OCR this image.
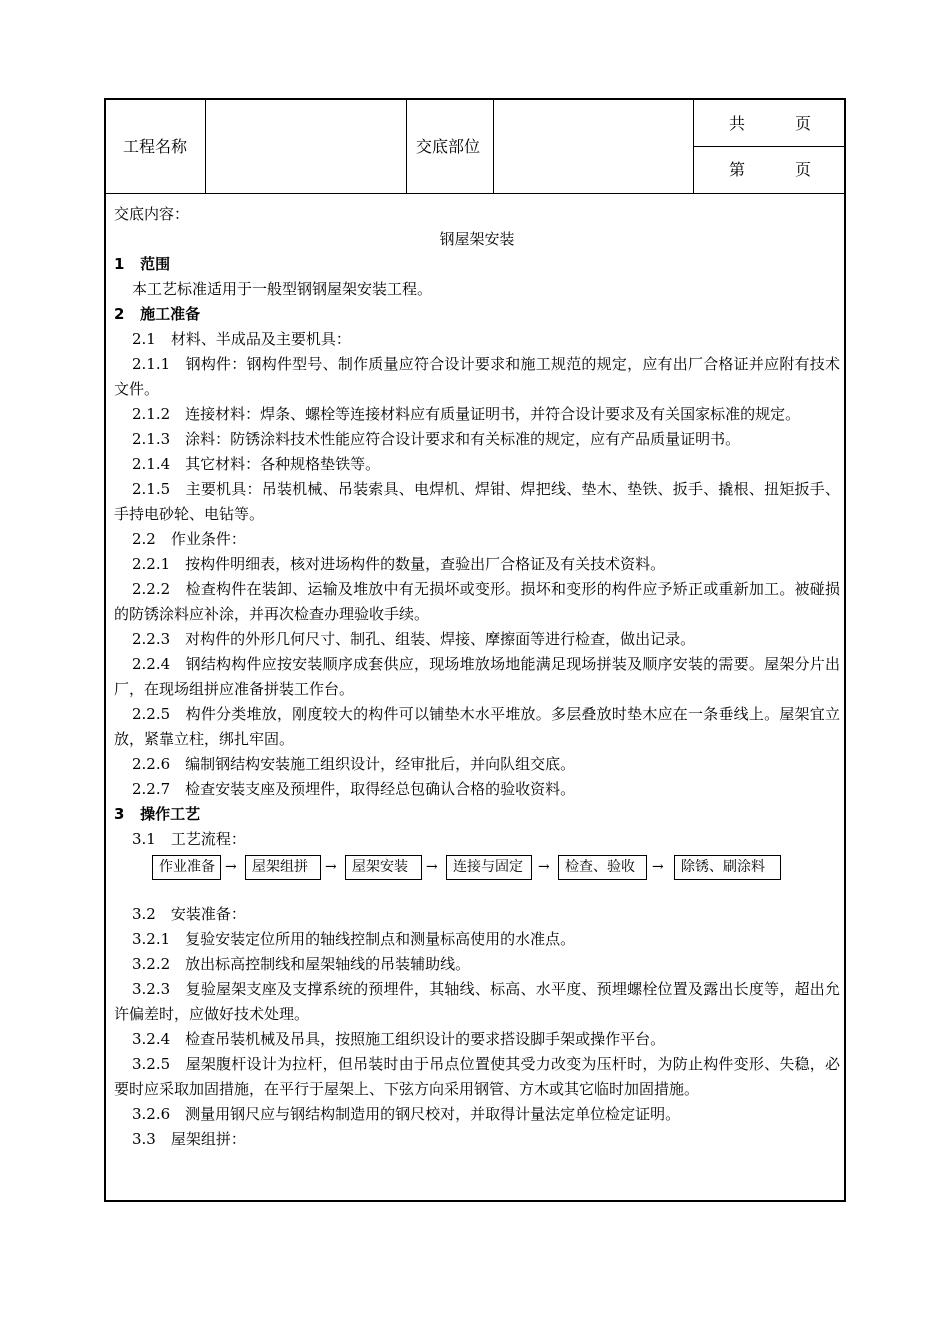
工程名称	交底部位
共	页
第	页

交底内容：

钢屋架安装

1 范围

本工艺标准适用于一般型钢钢屋架安装工程。

2 施工准备

2.1　材料、半成品及主要机具：

2.1.1　钢构件：钢构件型号、制作质量应符合设计要求和施工规范的规定，应有出厂合格证并应附有技术文件。

2.1.2　连接材料：焊条、螺栓等连接材料应有质量证明书，并符合设计要求及有关国家标准的规定。

2.1.3　涂料：防锈涂料技术性能应符合设计要求和有关标准的规定，应有产品质量证明书。

2.1.4　其它材料：各种规格垫铁等。

2.1.5　主要机具：吊装机械、吊装索具、电焊机、焊钳、焊把线、垫木、垫铁、扳手、撬根、扭矩扳手、手持电砂轮、电钻等。

2.2　作业条件：

2.2.1　按构件明细表，核对进场构件的数量，查验出厂合格证及有关技术资料。

2.2.2　检查构件在装卸、运输及堆放中有无损坏或变形。损坏和变形的构件应予矫正或重新加工。被碰损的防锈涂料应补涂，并再次检查办理验收手续。

2.2.3　对构件的外形几何尺寸、制孔、组装、焊接、摩擦面等进行检查，做出记录。

2.2.4　钢结构构件应按安装顺序成套供应，现场堆放场地能满足现场拼装及顺序安装的需要。屋架分片出厂，在现场组拼应准备拼装工作台。

2.2.5　构件分类堆放，刚度较大的构件可以铺垫木水平堆放。多层叠放时垫木应在一条垂线上。屋架宜立放，紧靠立柱，绑扎牢固。

2.2.6　编制钢结构安装施工组织设计，经审批后，并向队组交底。

2.2.7　检查安装支座及预埋件，取得经总包确认合格的验收资料。

3 操作工艺

3.1　工艺流程：

作业准备 →	屋架组拼	→	屋架安装	→	连接与固定	→	检查、验收	→	除锈、刷涂料

3.2　安装准备：

3.2.1　复验安装定位所用的轴线控制点和测量标高使用的水准点。

3.2.2　放出标高控制线和屋架轴线的吊装辅助线。

3.2.3　复验屋架支座及支撑系统的预埋件，其轴线、标高、水平度、预埋螺栓位置及露出长度等，超出允许偏差时，应做好技术处理。

3.2.4　检查吊装机械及吊具，按照施工组织设计的要求搭设脚手架或操作平台。

3.2.5　屋架腹杆设计为拉杆，但吊装时由于吊点位置使其受力改变为压杆时，为防止构件变形、失稳，必要时应采取加固措施，在平行于屋架上、下弦方向采用钢管、方木或其它临时加固措施。

3.2.6　测量用钢尺应与钢结构制造用的钢尺校对，并取得计量法定单位检定证明。

3.3　屋架组拼：
